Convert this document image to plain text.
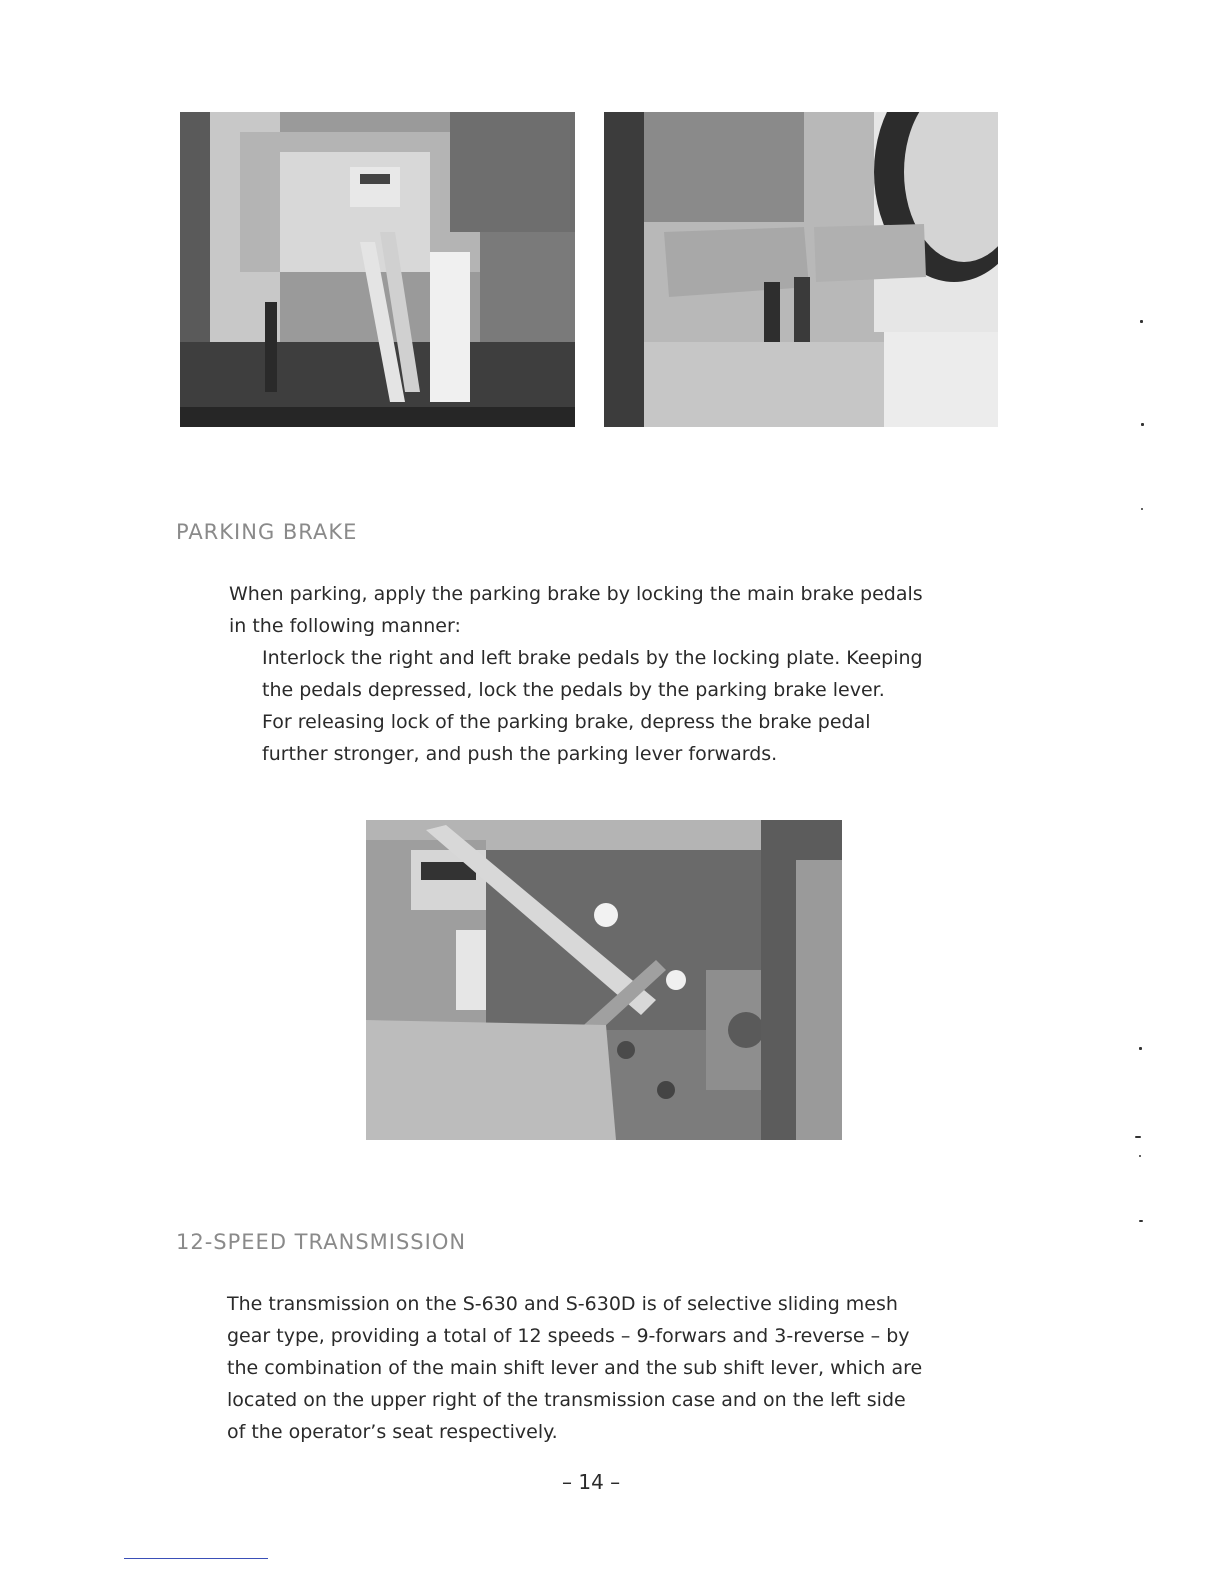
PARKING BRAKE
When parking, apply the parking brake by locking the main brake pedals
in the following manner:
Interlock the right and left brake pedals by the locking plate. Keeping
the pedals depressed, lock the pedals by the parking brake lever.
For releasing lock of the parking brake, depress the brake pedal
further stronger, and push the parking lever forwards.
12-SPEED TRANSMISSION
The transmission on the S-630 and S-630D is of selective sliding mesh
gear type, providing a total of 12 speeds – 9-forwars and 3-reverse – by
the combination of the main shift lever and the sub shift lever, which are
located on the upper right of the transmission case and on the left side
of the operator’s seat respectively.
– 14 –
